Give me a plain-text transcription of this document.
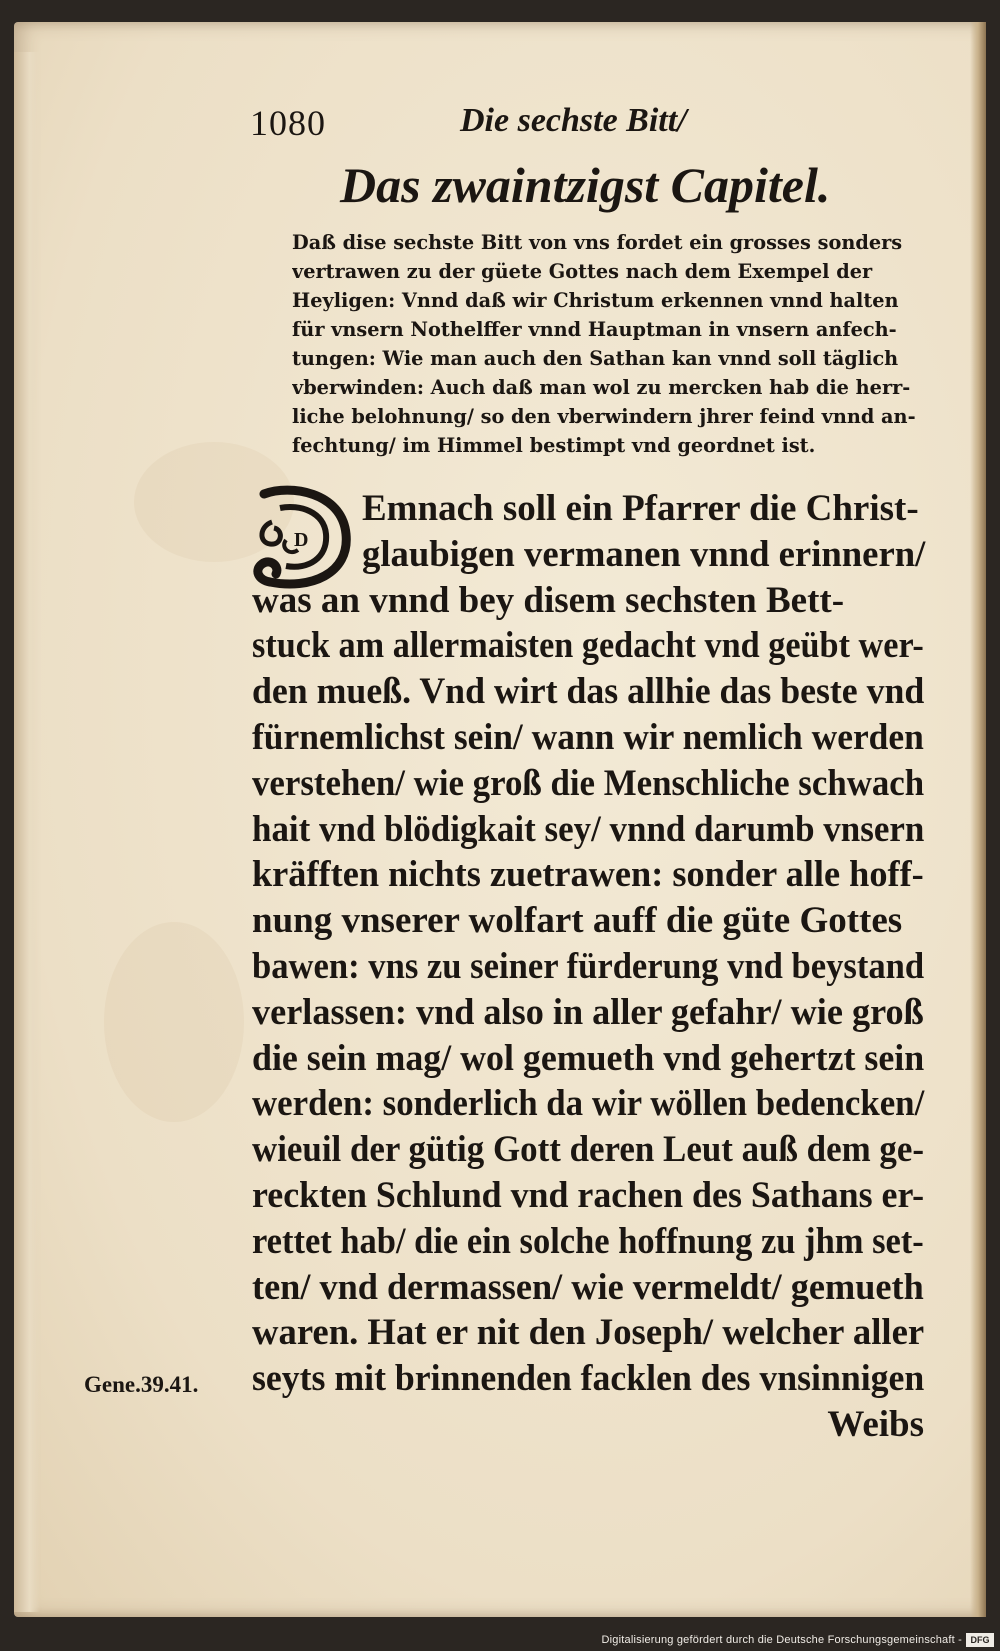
1080	Die sechste Bitt/
Das zwaintzigst Capitel.
Daß dise sechste Bitt von vns fordet ein grosses sonders
vertrawen zu der güete Gottes nach dem Exempel der
Heyligen: Vnnd daß wir Christum erkennen vnnd halten
für vnsern Nothelffer vnnd Hauptman in vnsern anfech-
tungen: Wie man auch den Sathan kan vnnd soll täglich
vberwinden: Auch daß man wol zu mercken hab die herr-
liche belohnung/ so den vberwindern jhrer feind vnnd an-
fechtung/ im Himmel bestimpt vnd geordnet ist.
D
Emnach soll ein Pfarrer die Christ-
glaubigen vermanen vnnd erinnern/
was an vnnd bey disem sechsten Bett-
stuck am allermaisten gedacht vnd geübt wer-
den mueß. Vnd wirt das allhie das beste vnd
fürnemlichst sein/ wann wir nemlich werden
verstehen/ wie groß die Menschliche schwach
hait vnd blödigkait sey/ vnnd darumb vnsern
kräfften nichts zuetrawen: sonder alle hoff-
nung vnserer wolfart auff die güte Gottes
bawen: vns zu seiner fürderung vnd beystand
verlassen: vnd also in aller gefahr/ wie groß
die sein mag/ wol gemueth vnd gehertzt sein
werden: sonderlich da wir wöllen bedencken/
wieuil der gütig Gott deren Leut auß dem ge-
reckten Schlund vnd rachen des Sathans er-
rettet hab/ die ein solche hoffnung zu jhm set-
ten/ vnd dermassen/ wie vermeldt/ gemueth
waren. Hat er nit den Joseph/ welcher aller
seyts mit brinnenden facklen des vnsinnigen
Weibs
Gene.39.41.
Digitalisierung gefördert durch die Deutsche Forschungsgemeinschaft - DFG
